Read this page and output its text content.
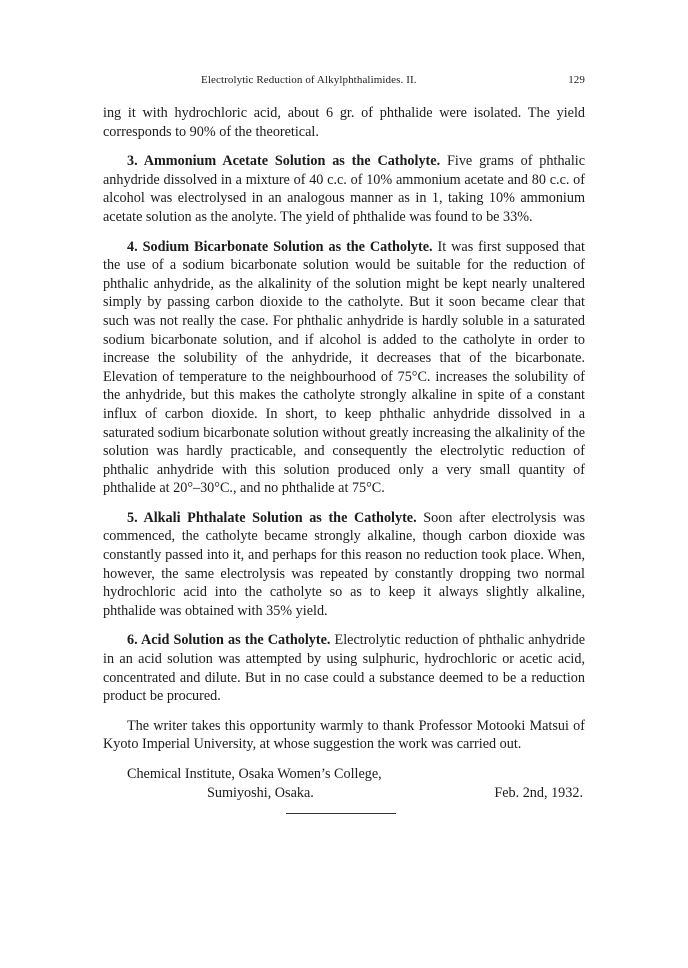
Electrolytic Reduction of Alkylphthalimides. II.	129

ing it with hydrochloric acid, about 6 gr. of phthalide were isolated. The yield corresponds to 90% of the theoretical.

3. Ammonium Acetate Solution as the Catholyte. Five grams of phthalic anhydride dissolved in a mixture of 40 c.c. of 10% ammonium acetate and 80 c.c. of alcohol was electrolysed in an analogous manner as in 1, taking 10% ammonium acetate solution as the anolyte. The yield of phthalide was found to be 33%.

4. Sodium Bicarbonate Solution as the Catholyte. It was first supposed that the use of a sodium bicarbonate solution would be suitable for the reduction of phthalic anhydride, as the alkalinity of the solution might be kept nearly unaltered simply by passing carbon dioxide to the catholyte. But it soon became clear that such was not really the case. For phthalic anhydride is hardly soluble in a saturated sodium bicarbonate solution, and if alcohol is added to the catholyte in order to increase the solubility of the anhydride, it decreases that of the bicarbonate. Elevation of temperature to the neighbourhood of 75°C. increases the solubility of the anhydride, but this makes the catholyte strongly alkaline in spite of a constant influx of carbon dioxide. In short, to keep phthalic anhydride dissolved in a saturated sodium bicarbonate solution without greatly increasing the alkalinity of the solution was hardly practicable, and consequently the electrolytic reduction of phthalic anhydride with this solution produced only a very small quantity of phthalide at 20°–30°C., and no phthalide at 75°C.

5. Alkali Phthalate Solution as the Catholyte. Soon after electrolysis was commenced, the catholyte became strongly alkaline, though carbon dioxide was constantly passed into it, and perhaps for this reason no reduction took place. When, however, the same electrolysis was repeated by constantly dropping two normal hydrochloric acid into the catholyte so as to keep it always slightly alkaline, phthalide was obtained with 35% yield.

6. Acid Solution as the Catholyte. Electrolytic reduction of phthalic anhydride in an acid solution was attempted by using sulphuric, hydrochloric or acetic acid, concentrated and dilute. But in no case could a substance deemed to be a reduction product be procured.

The writer takes this opportunity warmly to thank Professor Motooki Matsui of Kyoto Imperial University, at whose suggestion the work was carried out.

Chemical Institute, Osaka Women’s College,
Sumiyoshi, Osaka.	Feb. 2nd, 1932.
